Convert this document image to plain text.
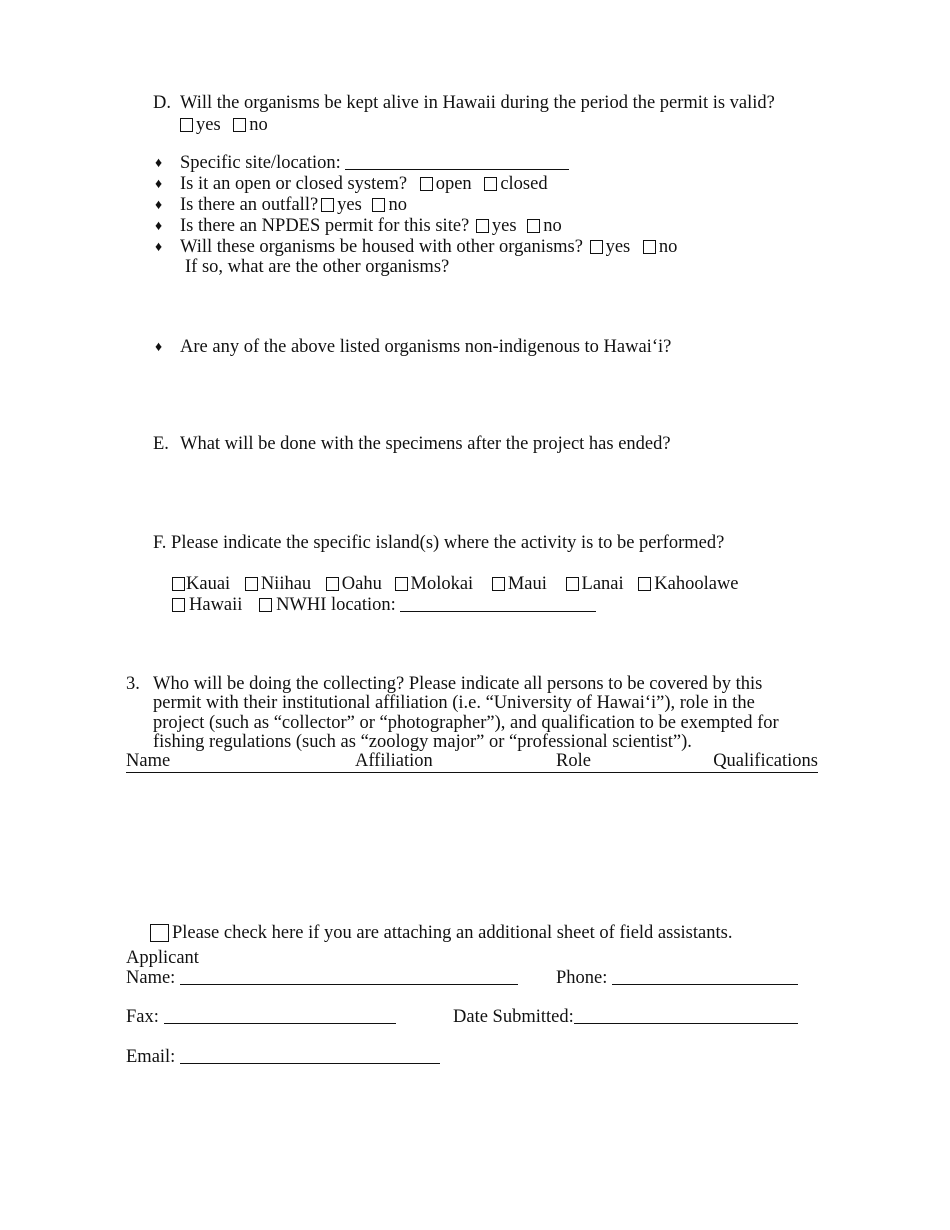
D. Will the organisms be kept alive in Hawaii during the period the permit is valid?
yes no
♦ Specific site/location:
♦ Is it an open or closed system? open closed
♦ Is there an outfall? yes no
♦ Is there an NPDES permit for this site? yes no
♦ Will these organisms be housed with other organisms? yes no
If so, what are the other organisms?
♦ Are any of the above listed organisms non-indigenous to Hawai‘i?
E. What will be done with the specimens after the project has ended?
F. Please indicate the specific island(s) where the activity is to be performed?
Kauai Niihau Oahu Molokai Maui Lanai Kahoolawe
Hawaii NWHI location:
3. Who will be doing the collecting? Please indicate all persons to be covered by this
permit with their institutional affiliation (i.e. “University of Hawai‘i”), role in the
project (such as “collector” or “photographer”), and qualification to be exempted for
fishing regulations (such as “zoology major” or “professional scientist”).
Name	Affiliation	Role	Qualifications
Please check here if you are attaching an additional sheet of field assistants.
Applicant
Name:	Phone:
Fax:	Date Submitted:
Email:
